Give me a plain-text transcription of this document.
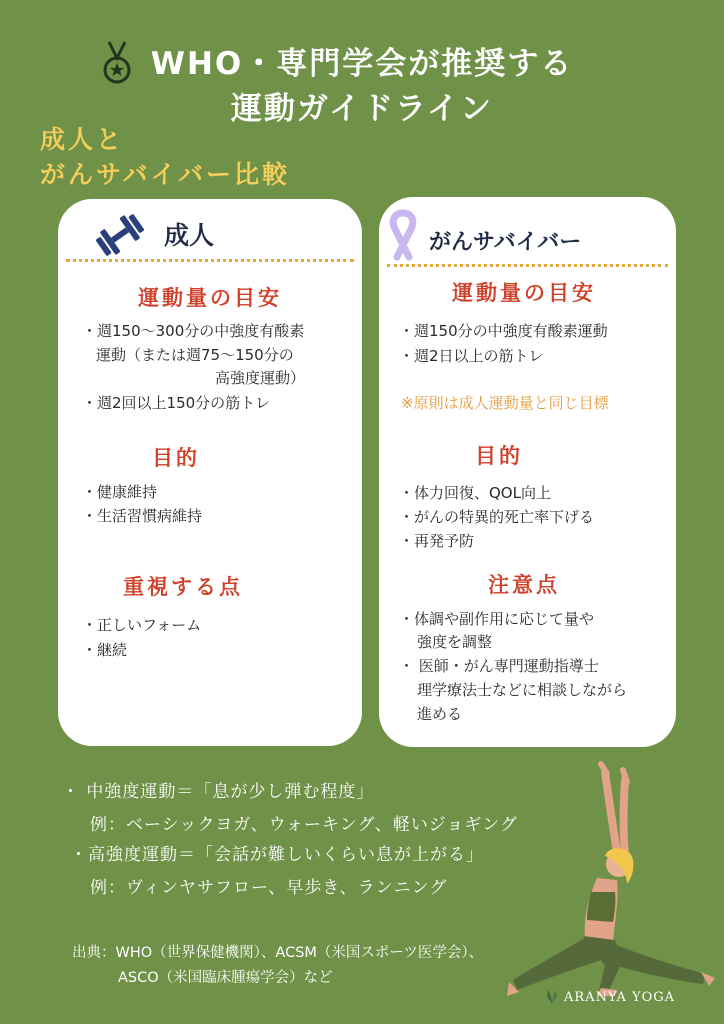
WHO・専門学会が推奨する
運動ガイドライン
成人と
がんサバイバー比較
成人
運動量の目安
・週150〜300分の中強度有酸素
運動（または週75〜150分の
高強度運動）
・週2回以上150分の筋トレ
目的
・健康維持
・生活習慣病維持
重視する点
・正しいフォーム
・継続
がんサバイバー
運動量の目安
・週150分の中強度有酸素運動
・週2日以上の筋トレ
※原則は成人運動量と同じ目標
目的
・体力回復、QOL向上
・がんの特異的死亡率下げる
・再発予防
注意点
・体調や副作用に応じて量や
強度を調整
・ 医師・がん専門運動指導士
理学療法士などに相談しながら
進める
・ 中強度運動＝「息が少し弾む程度」
例：ベーシックヨガ、ウォーキング、軽いジョギング
・高強度運動＝「会話が難しいくらい息が上がる」
例：ヴィンヤサフロー、早歩き、ランニング
出典：WHO（世界保健機関）、ACSM（米国スポーツ医学会）、
ASCO（米国臨床腫瘍学会）など
ARANYA YOGA
